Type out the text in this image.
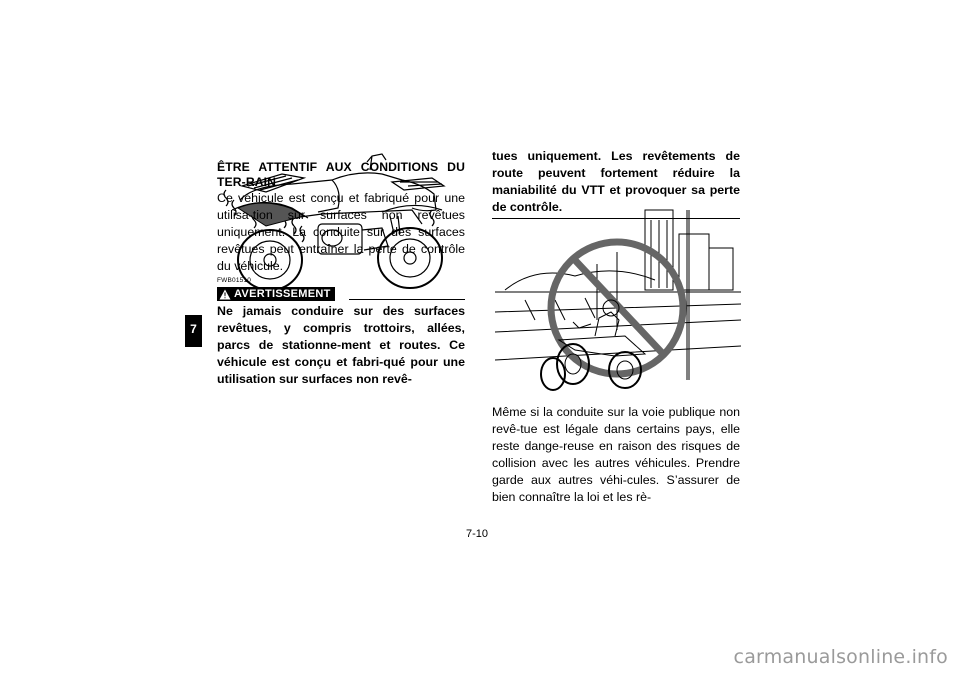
7
ÊTRE ATTENTIF AUX CONDITIONS DU TER-RAIN
Ce véhicule est conçu et fabriqué pour une utilisa-tion sur surfaces non revêtues uniquement. La conduite sur des surfaces revêtues peut entraîner la perte de contrôle du véhicule.
FWB01510
AVERTISSEMENT
Ne jamais conduire sur des surfaces revêtues, y compris trottoirs, allées, parcs de stationne-ment et routes. Ce véhicule est conçu et fabri-qué pour une utilisation sur surfaces non revê-
tues uniquement. Les revêtements de route peuvent fortement réduire la maniabilité du VTT et provoquer sa perte de contrôle.
Même si la conduite sur la voie publique non revê-tue est légale dans certains pays, elle reste dange-reuse en raison des risques de collision avec les autres véhicules. Prendre garde aux autres véhi-cules. S’assurer de bien connaître la loi et les rè-
7-10
carmanualsonline.info
